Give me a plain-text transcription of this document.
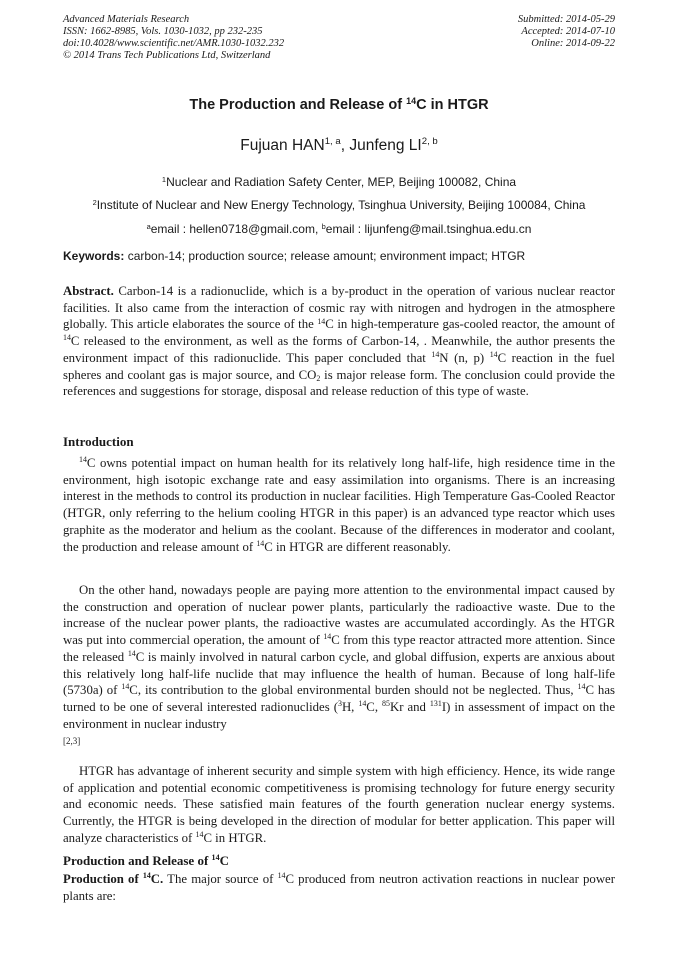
Advanced Materials Research
ISSN: 1662-8985, Vols. 1030-1032, pp 232-235
doi:10.4028/www.scientific.net/AMR.1030-1032.232
© 2014 Trans Tech Publications Ltd, Switzerland
Submitted: 2014-05-29
Accepted: 2014-07-10
Online: 2014-09-22
The Production and Release of $^{14}$C in HTGR
Fujuan HAN$^{1, a}$, Junfeng LI$^{2, b}$
$^1$Nuclear and Radiation Safety Center, MEP, Beijing 100082, China
$^2$Institute of Nuclear and New Energy Technology, Tsinghua University, Beijing 100084, China
$^a$email : hellen0718@gmail.com, $^b$email : lijunfeng@mail.tsinghua.edu.cn
Keywords: carbon-14; production source; release amount; environment impact; HTGR
Abstract. Carbon-14 is a radionuclide, which is a by-product in the operation of various nuclear reactor facilities. It also came from the interaction of cosmic ray with nitrogen and hydrogen in the atmosphere globally. This article elaborates the source of the $^{14}$C in high-temperature gas-cooled reactor, the amount of $^{14}$C released to the environment, as well as the forms of Carbon-14, . Meanwhile, the author presents the environment impact of this radionuclide. This paper concluded that $^{14}$N (n, p) $^{14}$C reaction in the fuel spheres and coolant gas is major source, and $CO_2$ is major release form. The conclusion could provide the references and suggestions for storage, disposal and release reduction of this type of waste.
Introduction
$^{14}$C owns potential impact on human health for its relatively long half-life, high residence time in the environment, high isotopic exchange rate and easy assimilation into organisms. There is an increasing interest in the methods to control its production in nuclear facilities. High Temperature Gas-Cooled Reactor (HTGR, only referring to the helium cooling HTGR in this paper) is an advanced type reactor which uses graphite as the moderator and helium as the coolant. Because of the differences in moderator and coolant, the production and release amount of $^{14}$C in HTGR are different reasonably.
On the other hand, nowadays people are paying more attention to the environmental impact caused by the construction and operation of nuclear power plants, particularly the radioactive waste. Due to the increase of the nuclear power plants, the radioactive wastes are accumulated accordingly. As the HTGR was put into commercial operation, the amount of $^{14}$C from this type reactor attracted more attention. Since the released $^{14}$C is mainly involved in natural carbon cycle, and global diffusion, experts are anxious about this relatively long half-life nuclide that may influence the health of human. Because of long half-life (5730a) of $^{14}$C, its contribution to the global environmental burden should not be neglected. Thus, $^{14}$C has turned to be one of several interested radionuclides ($^3$H, $^{14}$C, $^{85}$Kr and $^{131}$I) in assessment of impact on the environment in nuclear industry
[2,3]
HTGR has advantage of inherent security and simple system with high efficiency. Hence, its wide range of application and potential economic competitiveness is promising technology for future energy security and economic needs. These satisfied main features of the fourth generation nuclear energy systems. Currently, the HTGR is being developed in the direction of modular for better application. This paper will analyze characteristics of $^{14}$C in HTGR.
Production and Release of $^{14}$C
Production of $^{14}$C. The major source of $^{14}$C produced from neutron activation reactions in nuclear power plants are:
